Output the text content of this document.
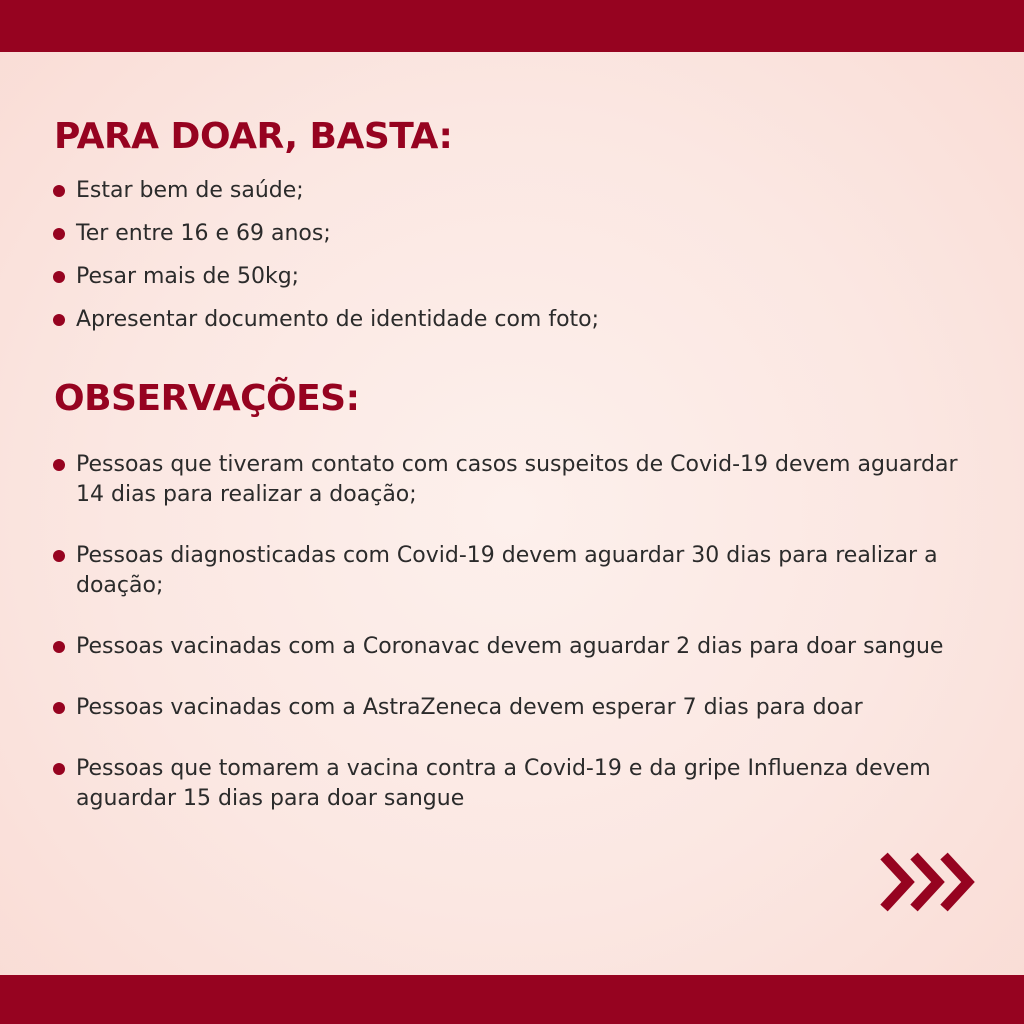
PARA DOAR, BASTA:
Estar bem de saúde;
Ter entre 16 e 69 anos;
Pesar mais de 50kg;
Apresentar documento de identidade com foto;
OBSERVAÇÕES:
Pessoas que tiveram contato com casos suspeitos de Covid-19 devem aguardar 14 dias para realizar a doação;
Pessoas diagnosticadas com Covid-19 devem aguardar 30 dias para realizar a doação;
Pessoas vacinadas com a Coronavac devem aguardar 2 dias para doar sangue
Pessoas vacinadas com a AstraZeneca devem esperar 7 dias para doar
Pessoas que tomarem a vacina contra a Covid-19 e da gripe Influenza devem aguardar 15 dias para doar sangue
